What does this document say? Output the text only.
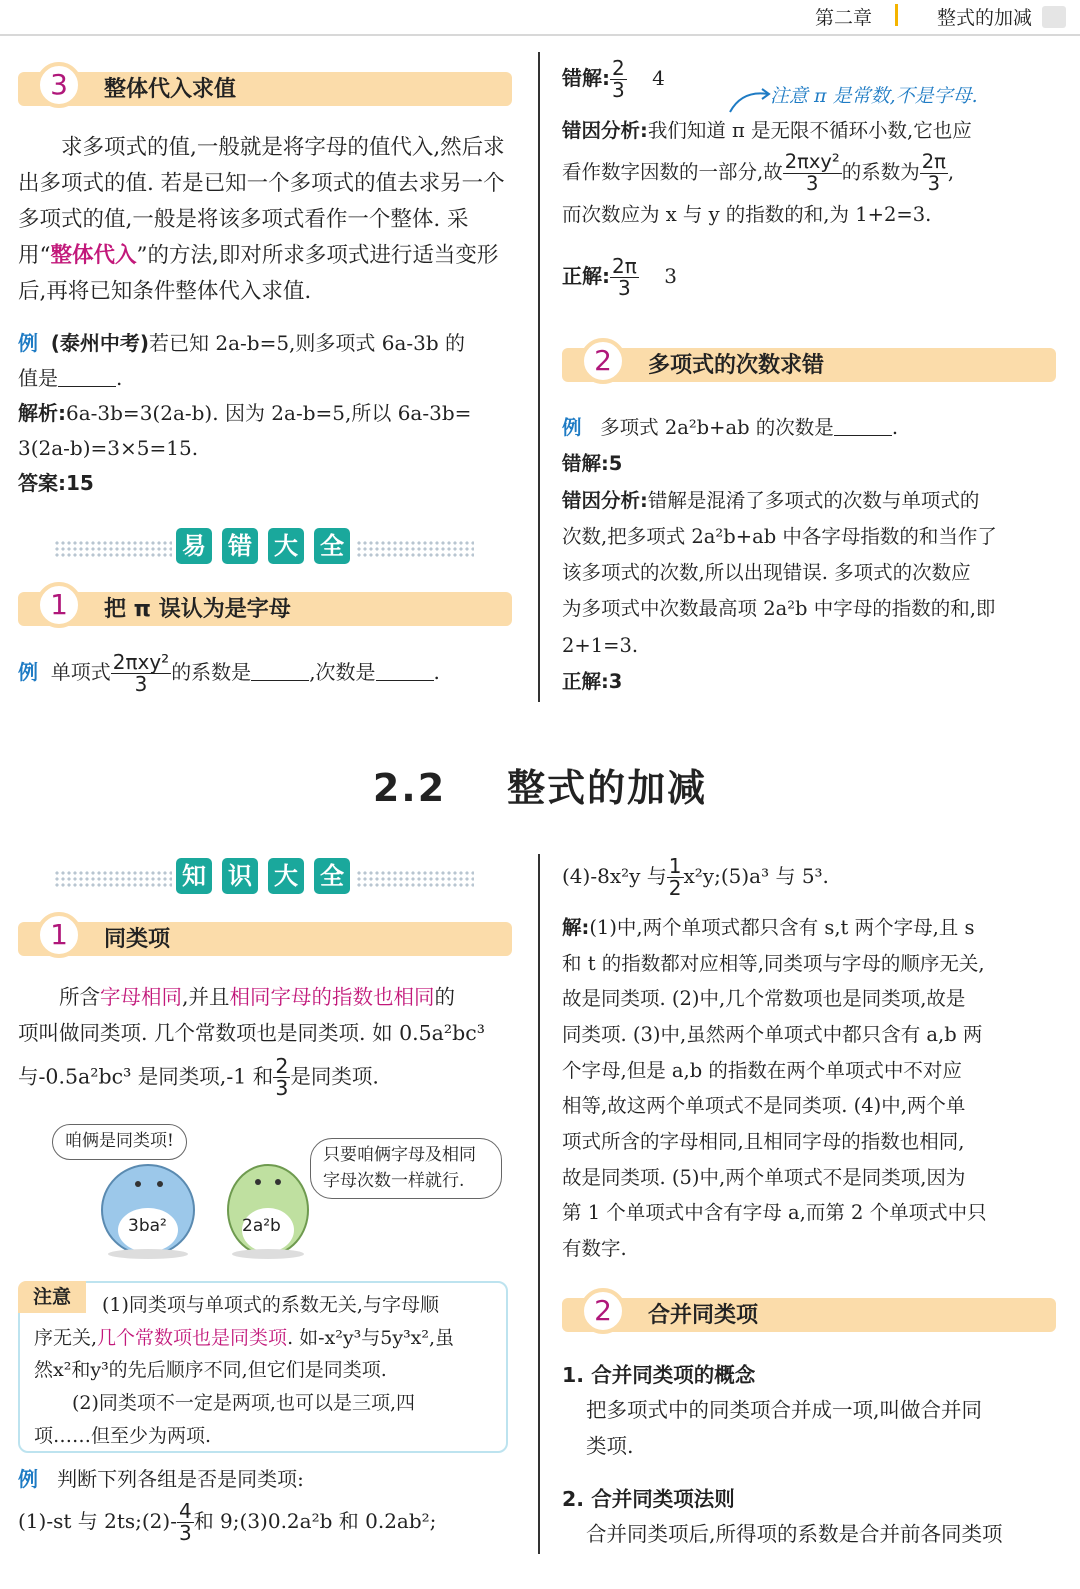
第二章	整式的加减
3	整体代入求值
求多项式的值,一般就是将字母的值代入,然后求出多项式的值. 若是已知一个多项式的值去求另一个多项式的值,一般是将该多项式看作一个整体. 采用“整体代入”的方法,即对所求多项式进行适当变形后,再将已知条件整体代入求值.
例 (泰州中考)若已知 2a-b=5,则多项式 6a-3b 的
值是	.
解析:6a-3b=3(2a-b). 因为 2a-b=5,所以 6a-3b=
3(2a-b)=3×5=15.
答案:15
易 错 大 全
1	把 π 误认为是字母
例 单项式 $\frac{\text{2πxy²}}{3}$ 的系数是	,次数是	.
错解: $\frac{2}{3} 4$
注意 π 是常数,不是字母.
错因分析:我们知道 π 是无限不循环小数,它也应
看作数字因数的一部分,故 $\frac{\text{2πxy²}}{3}$ 的系数为 $\frac{2\pi}{3}$ ,
而次数应为 x 与 y 的指数的和,为 1+2=3.
正解: $\frac{2\pi}{3} 3$
2	多项式的次数求错
例 多项式 2a²b+ab 的次数是	.
错解:5
错因分析:错解是混淆了多项式的次数与单项式的
次数,把多项式 2a²b+ab 中各字母指数的和当作了
该多项式的次数,所以出现错误. 多项式的次数应
为多项式中次数最高项 2a²b 中字母的指数的和,即
2+1=3.
正解:3
2.2 整式的加减
知 识 大 全
1	同类项
所含字母相同,并且相同字母的指数也相同的
项叫做同类项. 几个常数项也是同类项. 如 0.5a²bc³
与-0.5a²bc³ 是同类项,-1 和 $\frac{2}{3}$ 是同类项.
咱俩是同类项!
只要咱俩字母及相同
字母次数一样就行.
3ba²	2a²b
(1)同类项与单项式的系数无关,与字母顺
序无关,几个常数项也是同类项. 如-x²y³与5y³x²,虽
然x²和y³的先后顺序不同,但它们是同类项.
(2)同类项不一定是两项,也可以是三项,四
项……但至少为两项.
注意
例 判断下列各组是否是同类项:
(1)-st 与 2ts;(2)- $\frac{4}{3}$ 和 9;(3)0.2a²b 和 0.2ab²;
(4)-8x²y 与 $\frac{1}{2}$ x²y;(5)a³ 与 5³.
解:(1)中,两个单项式都只含有 s,t 两个字母,且 s
和 t 的指数都对应相等,同类项与字母的顺序无关,
故是同类项. (2)中,几个常数项也是同类项,故是
同类项. (3)中,虽然两个单项式中都只含有 a,b 两
个字母,但是 a,b 的指数在两个单项式中不对应
相等,故这两个单项式不是同类项. (4)中,两个单
项式所含的字母相同,且相同字母的指数也相同,
故是同类项. (5)中,两个单项式不是同类项,因为
第 1 个单项式中含有字母 a,而第 2 个单项式中只
有数字.
2	合并同类项
1. 合并同类项的概念
把多项式中的同类项合并成一项,叫做合并同
类项.
2. 合并同类项法则
合并同类项后,所得项的系数是合并前各同类项
